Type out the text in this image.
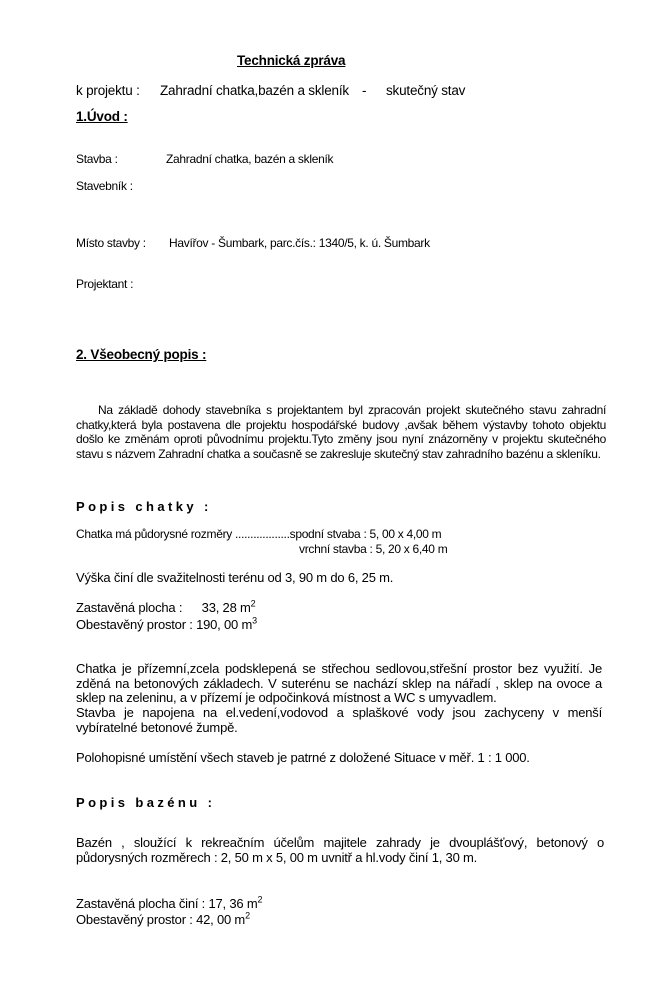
Technická zpráva
k projektu : Zahradní chatka,bazén a skleník - skutečný stav
1.Úvod :
Stavba :	Zahradní chatka, bazén a skleník
Stavebník :
Místo stavby : Havířov - Šumbark, parc.čís.: 1340/5, k. ú. Šumbark
Projektant :
2. Všeobecný popis :
Na základě dohody stavebníka s projektantem byl zpracován projekt skutečného stavu zahradní chatky,která byla postavena dle projektu hospodářské budovy ,avšak během výstavby tohoto objektu došlo ke změnám oproti původnímu projektu.Tyto změny jsou nyní znázorněny v projektu skutečného stavu s názvem Zahradní chatka a současně se zakresluje skutečný stav zahradního bazénu a skleníku.
Popis chatky :
Chatka má půdorysné rozměry ..................spodní stvaba : 5, 00 x 4,00 m
vrchní stavba : 5, 20 x 6,40 m
Výška činí dle svažitelnosti terénu od 3, 90 m do 6, 25 m.
Zastavěná plocha : 33, 28 $m^2$
Obestavěný prostor : 190, 00 $m^3$
Chatka je přízemní,zcela podsklepená se střechou sedlovou,střešní prostor bez využití. Je zděná na betonových základech. V suterénu se nachází sklep na nářadí , sklep na ovoce a sklep na zeleninu, a v přízemí je odpočinková místnost a WC s umyvadlem.
Stavba je napojena na el.vedení,vodovod a splaškové vody jsou zachyceny v menší vybíratelné betonové žumpě.
Polohopisné umístění všech staveb je patrné z doložené Situace v měř. 1 : 1 000.
Popis bazénu :
Bazén , sloužící k rekreačním účelům majitele zahrady je dvouplášťový, betonový o půdorysných rozměrech : 2, 50 m x 5, 00 m uvnitř a hl.vody činí 1, 30 m.
Zastavěná plocha činí : 17, 36 $m^2$
Obestavěný prostor : 42, 00 $m^2$
